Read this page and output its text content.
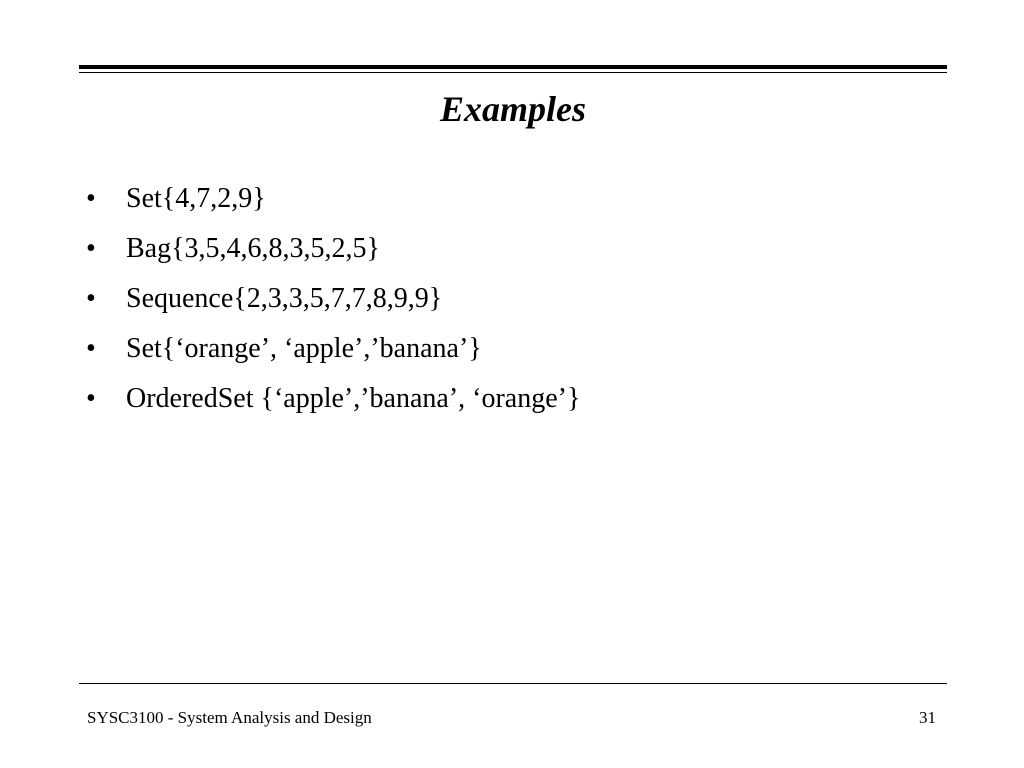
Examples
• Set{4,7,2,9}
• Bag{3,5,4,6,8,3,5,2,5}
• Sequence{2,3,3,5,7,7,8,9,9}
• Set{‘orange’, ‘apple’,’banana’}
• OrderedSet {‘apple’,’banana’, ‘orange’}
SYSC3100 - System Analysis and Design	31
